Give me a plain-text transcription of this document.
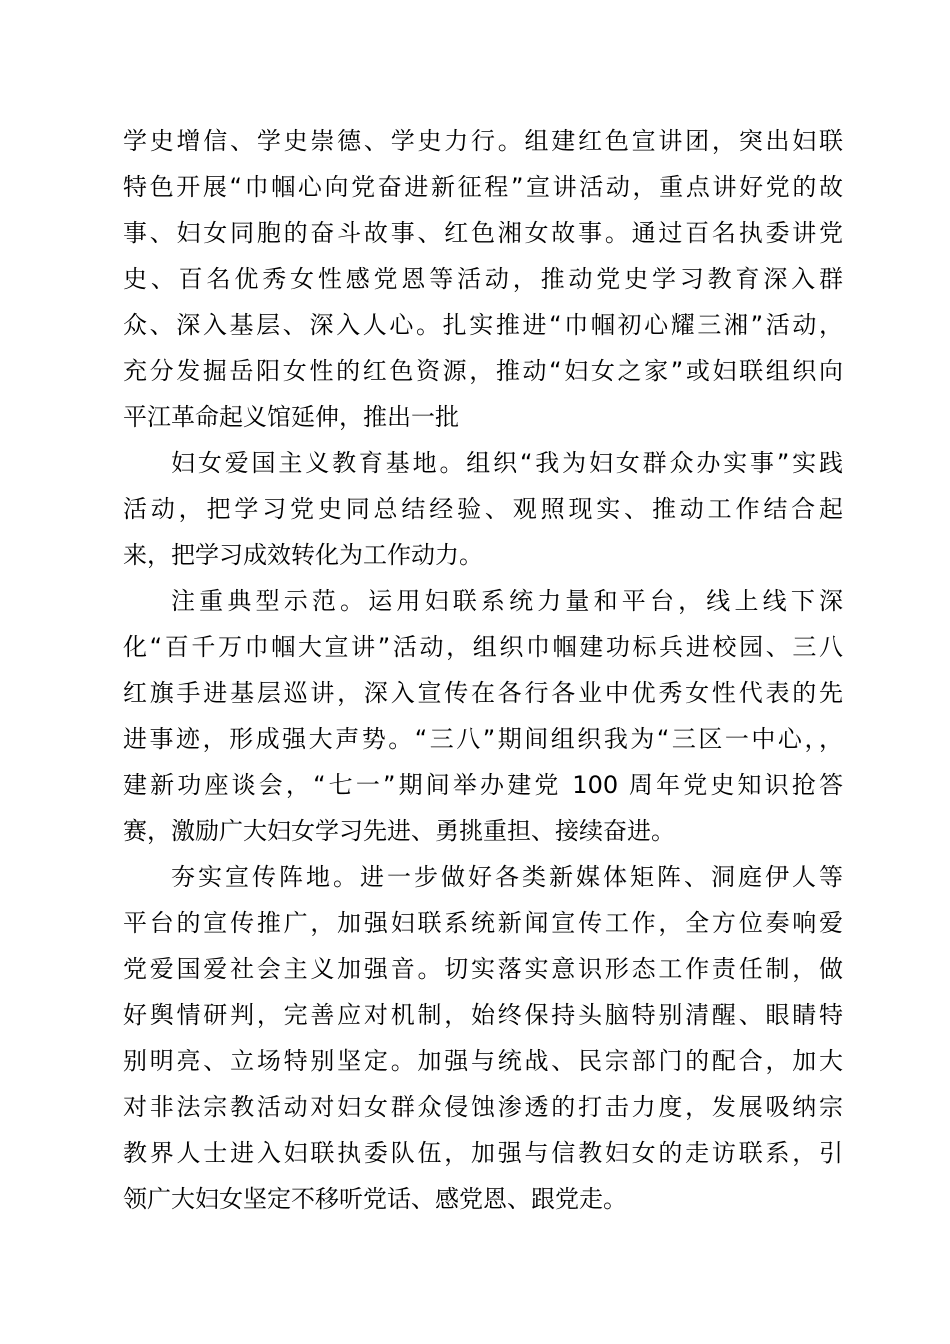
学史增信、学史崇德、学史力行。组建红色宣讲团，突出妇联
特色开展“巾帼心向党奋进新征程”宣讲活动，重点讲好党的故
事、妇女同胞的奋斗故事、红色湘女故事。通过百名执委讲党
史、百名优秀女性感党恩等活动，推动党史学习教育深入群
众、深入基层、深入人心。扎实推进“巾帼初心耀三湘”活动，
充分发掘岳阳女性的红色资源，推动“妇女之家”或妇联组织向
平江革命起义馆延伸，推出一批
妇女爱国主义教育基地。组织“我为妇女群众办实事”实践
活动，把学习党史同总结经验、观照现实、推动工作结合起
来，把学习成效转化为工作动力。
注重典型示范。运用妇联系统力量和平台，线上线下深
化“百千万巾帼大宣讲”活动，组织巾帼建功标兵进校园、三八
红旗手进基层巡讲，深入宣传在各行各业中优秀女性代表的先
进事迹，形成强大声势。“三八”期间组织我为“三区一中心，，
建新功座谈会，“七一”期间举办建党 100 周年党史知识抢答
赛，激励广大妇女学习先进、勇挑重担、接续奋进。
夯实宣传阵地。进一步做好各类新媒体矩阵、洞庭伊人等
平台的宣传推广，加强妇联系统新闻宣传工作，全方位奏响爱
党爱国爱社会主义加强音。切实落实意识形态工作责任制，做
好舆情研判，完善应对机制，始终保持头脑特别清醒、眼睛特
别明亮、立场特别坚定。加强与统战、民宗部门的配合，加大
对非法宗教活动对妇女群众侵蚀渗透的打击力度，发展吸纳宗
教界人士进入妇联执委队伍，加强与信教妇女的走访联系，引
领广大妇女坚定不移听党话、感党恩、跟党走。
